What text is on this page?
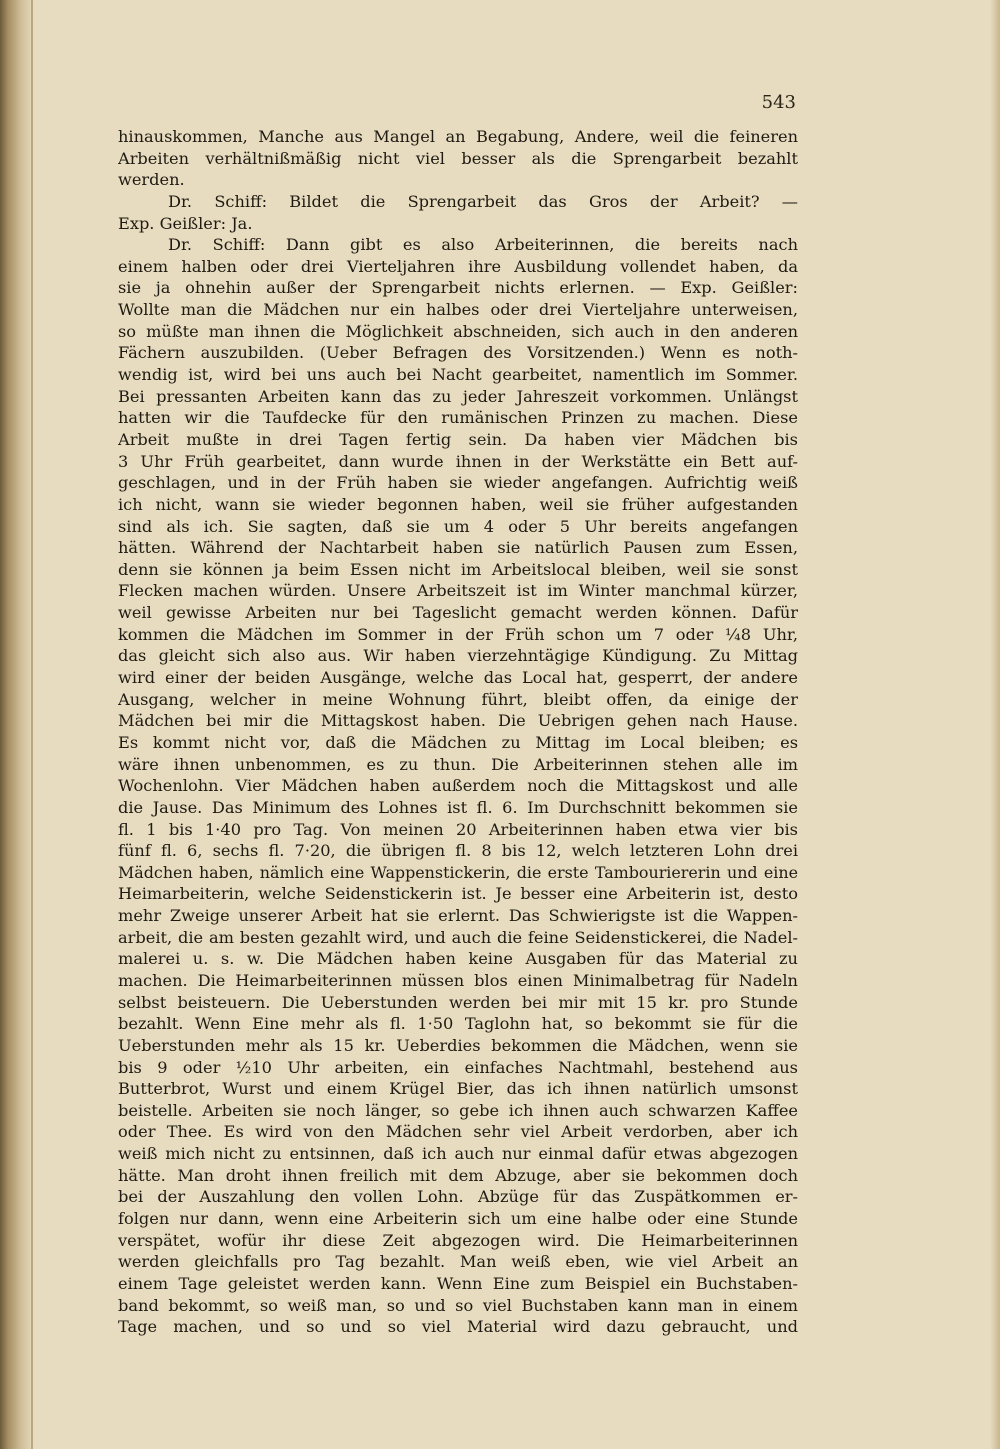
543
hinauskommen, Manche aus Mangel an Begabung, Andere, weil die feineren
Arbeiten verhältnißmäßig nicht viel besser als die Sprengarbeit bezahlt
werden.
Dr. Schiff: Bildet die Sprengarbeit das Gros der Arbeit? —
Exp. Geißler: Ja.
Dr. Schiff: Dann gibt es also Arbeiterinnen, die bereits nach
einem halben oder drei Vierteljahren ihre Ausbildung vollendet haben, da
sie ja ohnehin außer der Sprengarbeit nichts erlernen. — Exp. Geißler:
Wollte man die Mädchen nur ein halbes oder drei Vierteljahre unterweisen,
so müßte man ihnen die Möglichkeit abschneiden, sich auch in den anderen
Fächern auszubilden. (Ueber Befragen des Vorsitzenden.) Wenn es noth-
wendig ist, wird bei uns auch bei Nacht gearbeitet, namentlich im Sommer.
Bei pressanten Arbeiten kann das zu jeder Jahreszeit vorkommen. Unlängst
hatten wir die Taufdecke für den rumänischen Prinzen zu machen. Diese
Arbeit mußte in drei Tagen fertig sein. Da haben vier Mädchen bis
3 Uhr Früh gearbeitet, dann wurde ihnen in der Werkstätte ein Bett auf-
geschlagen, und in der Früh haben sie wieder angefangen. Aufrichtig weiß
ich nicht, wann sie wieder begonnen haben, weil sie früher aufgestanden
sind als ich. Sie sagten, daß sie um 4 oder 5 Uhr bereits angefangen
hätten. Während der Nachtarbeit haben sie natürlich Pausen zum Essen,
denn sie können ja beim Essen nicht im Arbeitslocal bleiben, weil sie sonst
Flecken machen würden. Unsere Arbeitszeit ist im Winter manchmal kürzer,
weil gewisse Arbeiten nur bei Tageslicht gemacht werden können. Dafür
kommen die Mädchen im Sommer in der Früh schon um 7 oder ¼8 Uhr,
das gleicht sich also aus. Wir haben vierzehntägige Kündigung. Zu Mittag
wird einer der beiden Ausgänge, welche das Local hat, gesperrt, der andere
Ausgang, welcher in meine Wohnung führt, bleibt offen, da einige der
Mädchen bei mir die Mittagskost haben. Die Uebrigen gehen nach Hause.
Es kommt nicht vor, daß die Mädchen zu Mittag im Local bleiben; es
wäre ihnen unbenommen, es zu thun. Die Arbeiterinnen stehen alle im
Wochenlohn. Vier Mädchen haben außerdem noch die Mittagskost und alle
die Jause. Das Minimum des Lohnes ist fl. 6. Im Durchschnitt bekommen sie
fl. 1 bis 1·40 pro Tag. Von meinen 20 Arbeiterinnen haben etwa vier bis
fünf fl. 6, sechs fl. 7·20, die übrigen fl. 8 bis 12, welch letzteren Lohn drei
Mädchen haben, nämlich eine Wappenstickerin, die erste Tambouriererin und eine
Heimarbeiterin, welche Seidenstickerin ist. Je besser eine Arbeiterin ist, desto
mehr Zweige unserer Arbeit hat sie erlernt. Das Schwierigste ist die Wappen-
arbeit, die am besten gezahlt wird, und auch die feine Seidenstickerei, die Nadel-
malerei u. s. w. Die Mädchen haben keine Ausgaben für das Material zu
machen. Die Heimarbeiterinnen müssen blos einen Minimalbetrag für Nadeln
selbst beisteuern. Die Ueberstunden werden bei mir mit 15 kr. pro Stunde
bezahlt. Wenn Eine mehr als fl. 1·50 Taglohn hat, so bekommt sie für die
Ueberstunden mehr als 15 kr. Ueberdies bekommen die Mädchen, wenn sie
bis 9 oder ½10 Uhr arbeiten, ein einfaches Nachtmahl, bestehend aus
Butterbrot, Wurst und einem Krügel Bier, das ich ihnen natürlich umsonst
beistelle. Arbeiten sie noch länger, so gebe ich ihnen auch schwarzen Kaffee
oder Thee. Es wird von den Mädchen sehr viel Arbeit verdorben, aber ich
weiß mich nicht zu entsinnen, daß ich auch nur einmal dafür etwas abgezogen
hätte. Man droht ihnen freilich mit dem Abzuge, aber sie bekommen doch
bei der Auszahlung den vollen Lohn. Abzüge für das Zuspätkommen er-
folgen nur dann, wenn eine Arbeiterin sich um eine halbe oder eine Stunde
verspätet, wofür ihr diese Zeit abgezogen wird. Die Heimarbeiterinnen
werden gleichfalls pro Tag bezahlt. Man weiß eben, wie viel Arbeit an
einem Tage geleistet werden kann. Wenn Eine zum Beispiel ein Buchstaben-
band bekommt, so weiß man, so und so viel Buchstaben kann man in einem
Tage machen, und so und so viel Material wird dazu gebraucht, und
